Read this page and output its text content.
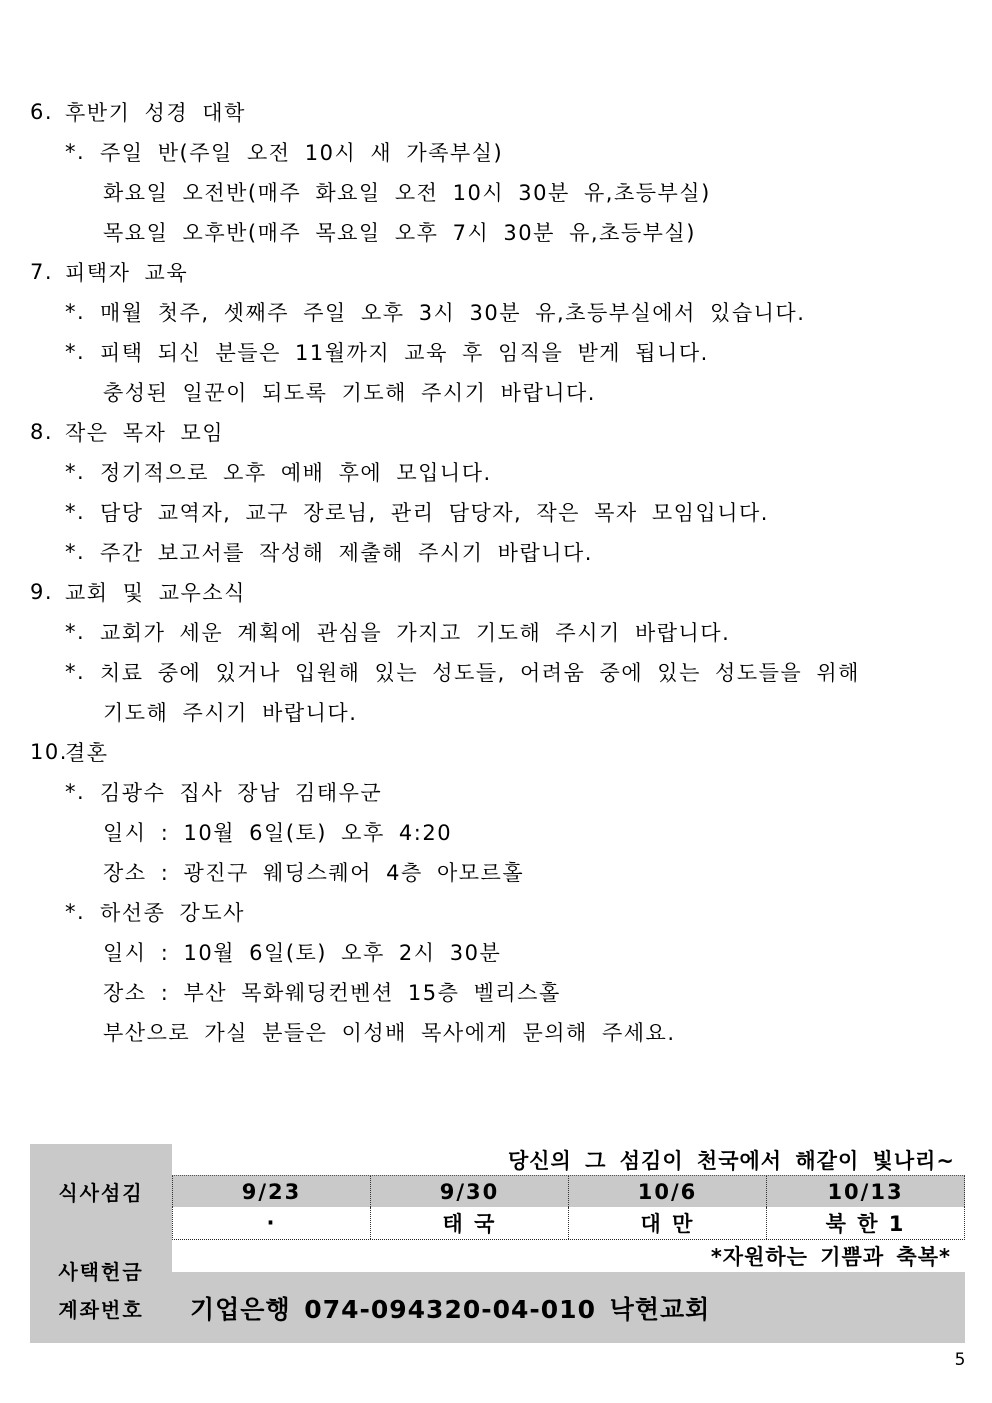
6. 후반기 성경 대학
*. 주일 반(주일 오전 10시 새 가족부실)
화요일 오전반(매주 화요일 오전 10시 30분 유,초등부실)
목요일 오후반(매주 목요일 오후 7시 30분 유,초등부실)
7. 피택자 교육
*. 매월 첫주, 셋째주 주일 오후 3시 30분 유,초등부실에서 있습니다.
*. 피택 되신 분들은 11월까지 교육 후 임직을 받게 됩니다.
충성된 일꾼이 되도록 기도해 주시기 바랍니다.
8. 작은 목자 모임
*. 정기적으로 오후 예배 후에 모입니다.
*. 담당 교역자, 교구 장로님, 관리 담당자, 작은 목자 모임입니다.
*. 주간 보고서를 작성해 제출해 주시기 바랍니다.
9. 교회 및 교우소식
*. 교회가 세운 계획에 관심을 가지고 기도해 주시기 바랍니다.
*. 치료 중에 있거나 입원해 있는 성도들, 어려움 중에 있는 성도들을 위해
기도해 주시기 바랍니다.
10.
결혼
*. 김광수 집사 장남 김태우군
일시 : 10월 6일(토) 오후 4:20
장소 : 광진구 웨딩스퀘어 4층 아모르홀
*. 하선종 강도사
일시 : 10월 6일(토) 오후 2시 30분
장소 : 부산 목화웨딩컨벤션 15층 벨리스홀
부산으로 가실 분들은 이성배 목사에게 문의해 주세요.
식사섬김
사택헌금
계좌번호
당신의 그 섬김이 천국에서 해같이 빛나리~
9/23	9/30	10/6	10/13
·	태 국	대 만	북 한 1
*자원하는 기쁨과 축복*
기업은행 074-094320-04-010 낙현교회
5
